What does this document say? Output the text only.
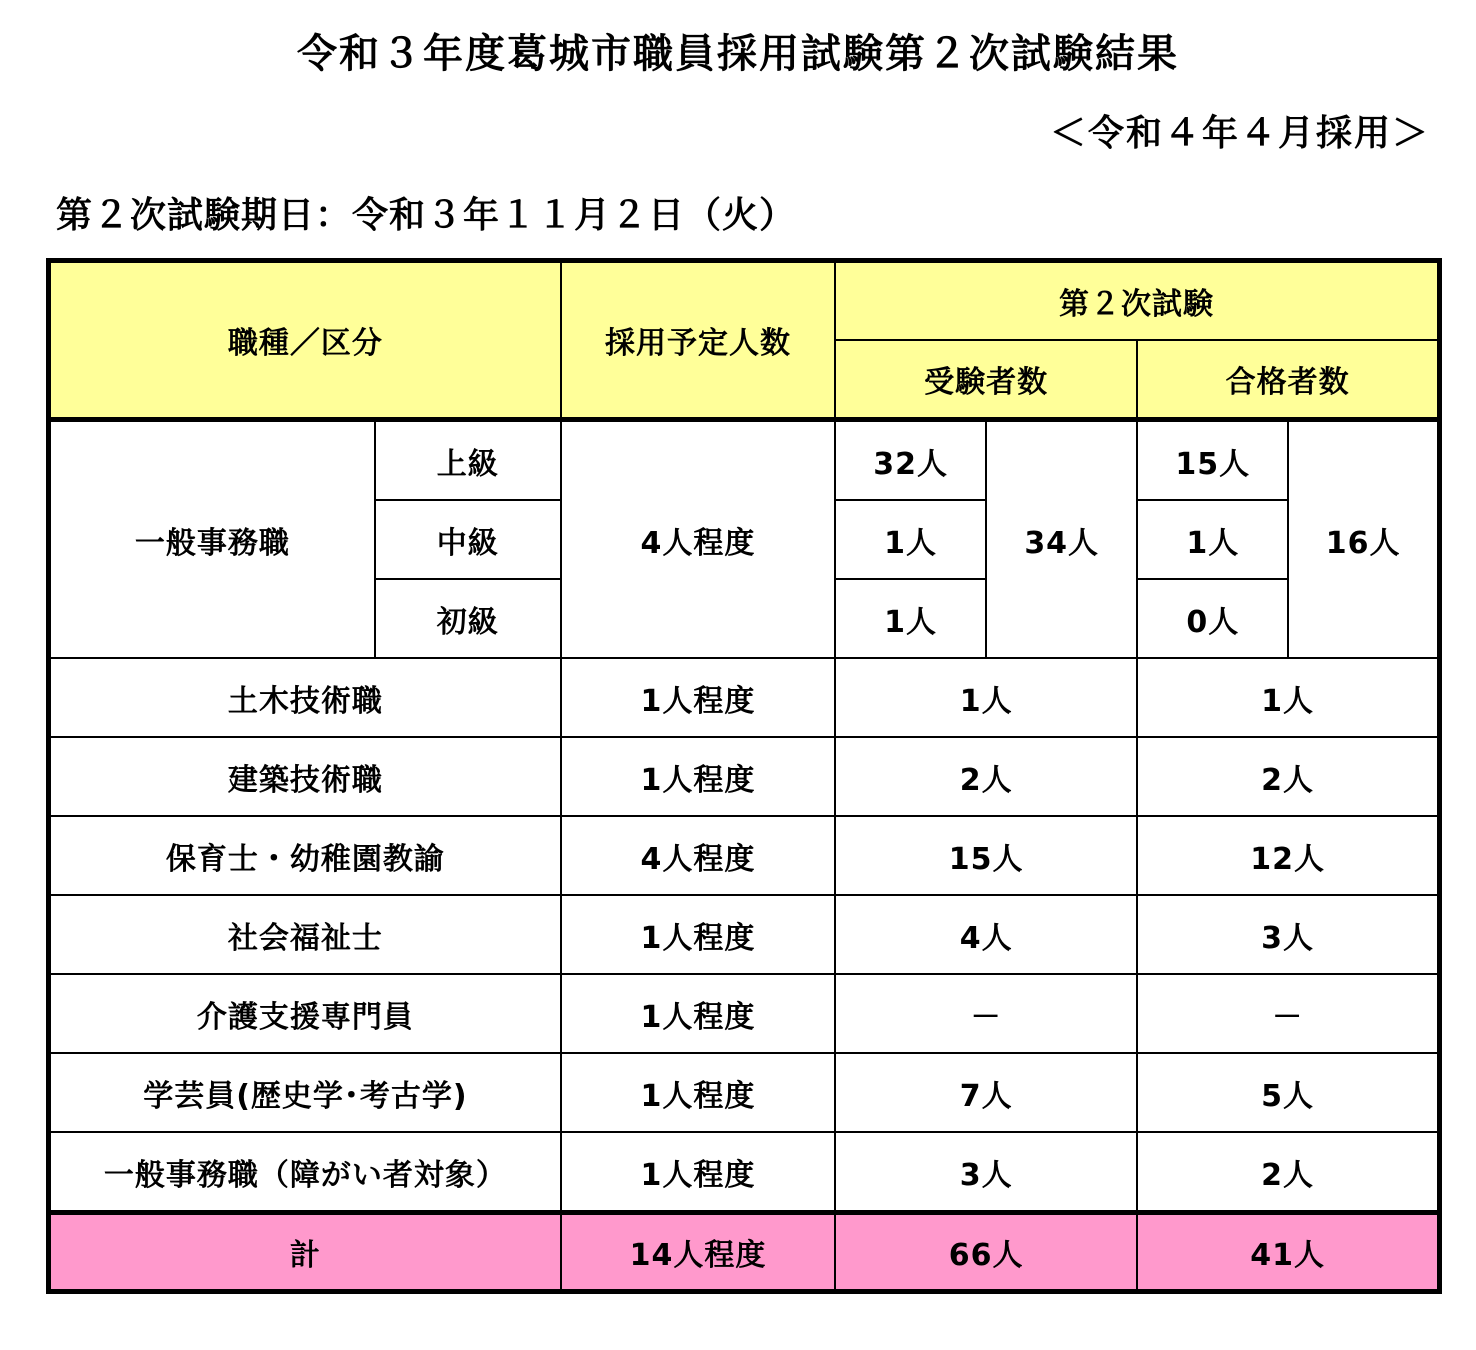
令和３年度葛城市職員採用試験第２次試験結果
＜令和４年４月採用＞
第２次試験期日：令和３年１１月２日（火）
職種／区分		採用予定人数	第２次試験			
			受験者数		合格者数	
一般事務職	上級	4人程度	32人	34人	15人	16人
	中級		1人		1人	
	初級		1人		0人	
土木技術職		1人程度	1人		1人	
建築技術職		1人程度	2人		2人	
保育士・幼稚園教諭		4人程度	15人		12人	
社会福祉士		1人程度	4人		3人	
介護支援専門員		1人程度	－		－	
学芸員(歴史学･考古学)		1人程度	7人		5人	
一般事務職（障がい者対象）		1人程度	3人		2人	
計		14人程度	66人		41人	
